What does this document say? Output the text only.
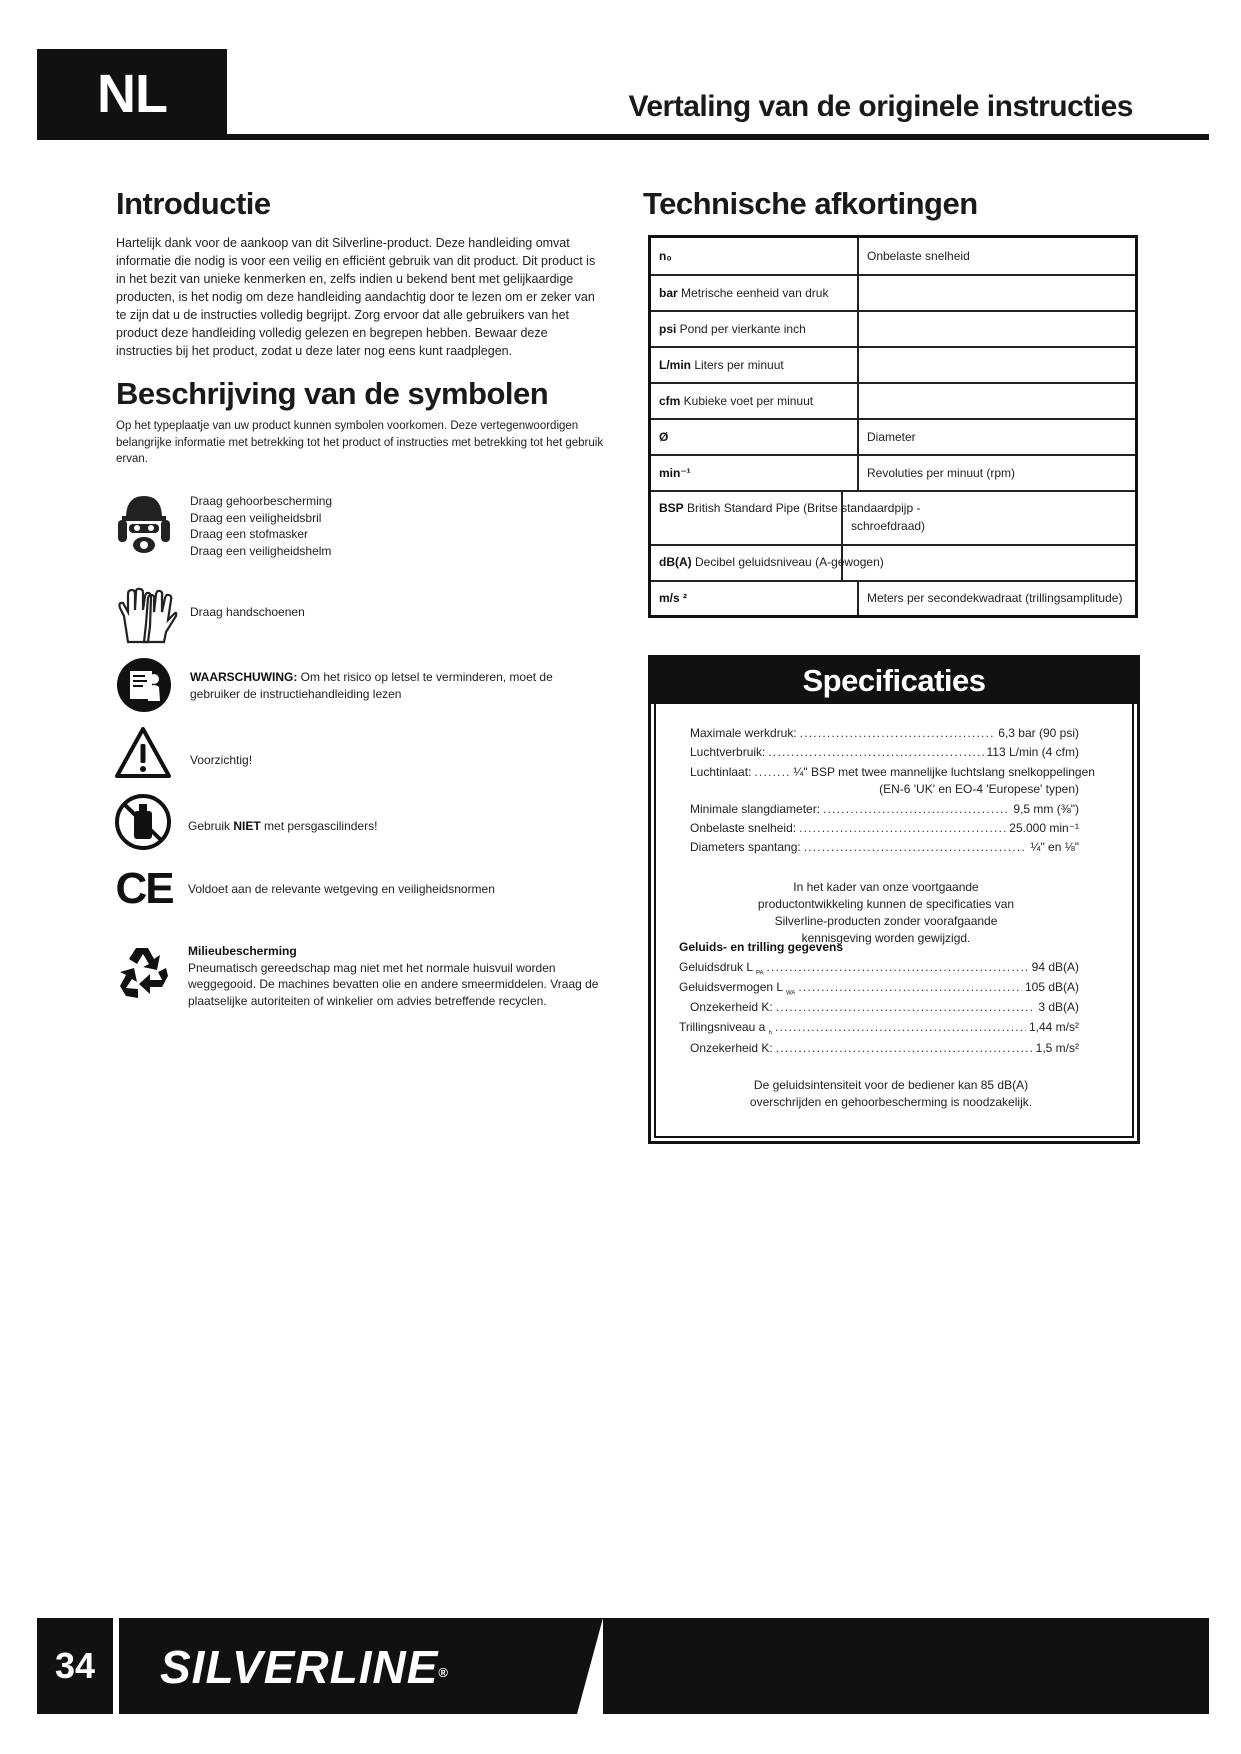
NL	Vertaling van de originele instructies
Introductie
Hartelijk dank voor de aankoop van dit Silverline-product. Deze handleiding omvat informatie die nodig is voor een veilig en efficiënt gebruik van dit product. Dit product is in het bezit van unieke kenmerken en, zelfs indien u bekend bent met gelijkaardige producten, is het nodig om deze handleiding aandachtig door te lezen om er zeker van te zijn dat u de instructies volledig begrijpt. Zorg ervoor dat alle gebruikers van het product deze handleiding volledig gelezen en begrepen hebben. Bewaar deze instructies bij het product, zodat u deze later nog eens kunt raadplegen.
Beschrijving van de symbolen
Op het typeplaatje van uw product kunnen symbolen voorkomen. Deze vertegenwoordigen belangrijke informatie met betrekking tot het product of instructies met betrekking tot het gebruik ervan.
Draag gehoorbescherming
Draag een veiligheidsbril
Draag een stofmasker
Draag een veiligheidshelm
Draag handschoenen
WAARSCHUWING: Om het risico op letsel te verminderen, moet de gebruiker de instructiehandleiding lezen
Voorzichtig!
Gebruik NIET met persgascilinders!
CE Voldoet aan de relevante wetgeving en veiligheidsnormen
Milieubescherming
Pneumatisch gereedschap mag niet met het normale huisvuil worden weggegooid. De machines bevatten olie en andere smeermiddelen. Vraag de plaatselijke autoriteiten of winkelier om advies betreffende recyclen.
Technische afkortingen
n₀	Onbelaste snelheid
bar Metrische eenheid van druk	
psi Pond per vierkante inch	
L/min Liters per minuut	
cfm Kubieke voet per minuut	
Ø	Diameter
min⁻¹	Revoluties per minuut (rpm)

BSP British Standard Pipe (Britse standaardpijp -
schroefdraad)	

dB(A) Decibel geluidsniveau (A-gewogen)	

m/s ²	Meters per secondekwadraat (trillingsamplitude)
Specificaties
Maximale werkdruk: .....	6,3 bar (90 psi)
Luchtverbruik: .....	113 L/min (4 cfm)
Luchtinlaat: .....	¼" BSP met twee mannelijke luchtslang snelkoppelingen
(EN-6 'UK' en EO-4 'Europese' typen)
Minimale slangdiameter: .....	9,5 mm (⅜")
Onbelaste snelheid: .....	25.000 min⁻¹
Diameters spantang: .....	¼" en ⅛"
In het kader van onze voortgaande productontwikkeling kunnen de specificaties van Silverline-producten zonder voorafgaande kennisgeving worden gewijzigd.
Geluids- en trilling gegevens
Geluidsdruk L $_{PA}$ .....	94 dB(A)
Geluidsvermogen L $_{WA}$ .....	105 dB(A)
Onzekerheid K: .....	3 dB(A)
Trillingsniveau a $_h$ .....	1,44 m/s²
Onzekerheid K: .....	1,5 m/s²
De geluidsintensiteit voor de bediener kan 85 dB(A) overschrijden en gehoorbescherming is noodzakelijk.
34	SILVERLINE®
